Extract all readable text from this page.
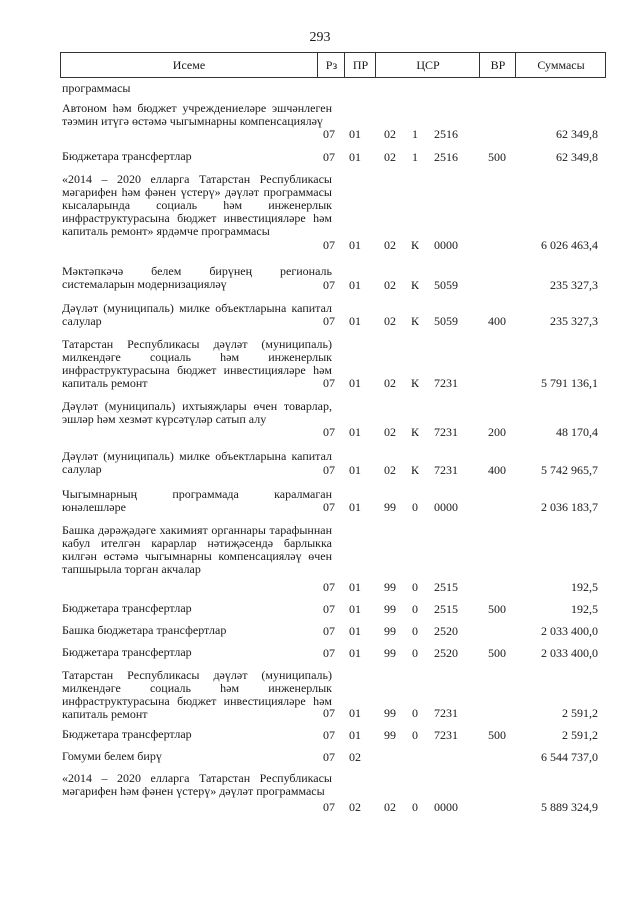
293
Исеме	Рз	ПР	ЦСР	ВР	Суммасы
программасы
Автоном һәм бюджет учреждениеләре эшчәнлеген тәэмин итүгә өстәмә чыгымнарны компенсацияләү
07	01	02	1	2516	62 349,8
Бюджетара трансфертлар	07	01	02	1	2516	500	62 349,8
«2014 – 2020 елларга Татарстан Республикасы мәгарифен һәм фәнен үстерү» дәүләт программасы кысаларында социаль һәм инженерлык инфраструктурасына бюджет инвестицияләре һәм капиталь ремонт» ярдәмче программасы
07	01	02	К 0000	6 026 463,4
Мәктәпкәчә белем бирүнең региональ системаларын модернизацияләү	07	01	02	К 5059	235 327,3
Дәүләт (муниципаль) милке объектларына капитал салулар	07	01	02	К 5059	400	235 327,3
Татарстан Республикасы дәүләт (муниципаль) милкендәге социаль һәм инженерлык инфраструктурасына бюджет инвестицияләре һәм капиталь ремонт	07	01	02	К 7231	5 791 136,1
Дәүләт (муниципаль) ихтыяҗлары өчен товарлар, эшләр һәм хезмәт күрсәтүләр сатып алу
07	01	02	К 7231	200	48 170,4
Дәүләт (муниципаль) милке объектларына капитал салулар	07	01	02	К 7231	400	5 742 965,7
Чыгымнарның программада каралмаган юнәлешләре	07	01	99	0	0000	2 036 183,7
Башка дәрәҗәдәге хакимият органнары тарафыннан кабул ителгән карарлар нәтиҗәсендә барлыкка килгән өстәмә чыгымнарны компенсацияләү өчен тапшырыла торган акчалар
07	01	99	0	2515	192,5
Бюджетара трансфертлар	07	01	99	0	2515	500	192,5
Башка бюджетара трансфертлар	07	01	99	0	2520	2 033 400,0
Бюджетара трансфертлар	07	01	99	0	2520	500	2 033 400,0
Татарстан Республикасы дәүләт (муниципаль) милкендәге социаль һәм инженерлык инфраструктурасына бюджет инвестицияләре һәм капиталь ремонт	07	01	99	0	7231	2 591,2
Бюджетара трансфертлар	07	01	99	0	7231	500	2 591,2
Гомуми белем бирү	07	02	6 544 737,0
«2014 – 2020 елларга Татарстан Республикасы мәгарифен һәм фәнен үстерү» дәүләт программасы
07	02	02	0	0000	5 889 324,9
